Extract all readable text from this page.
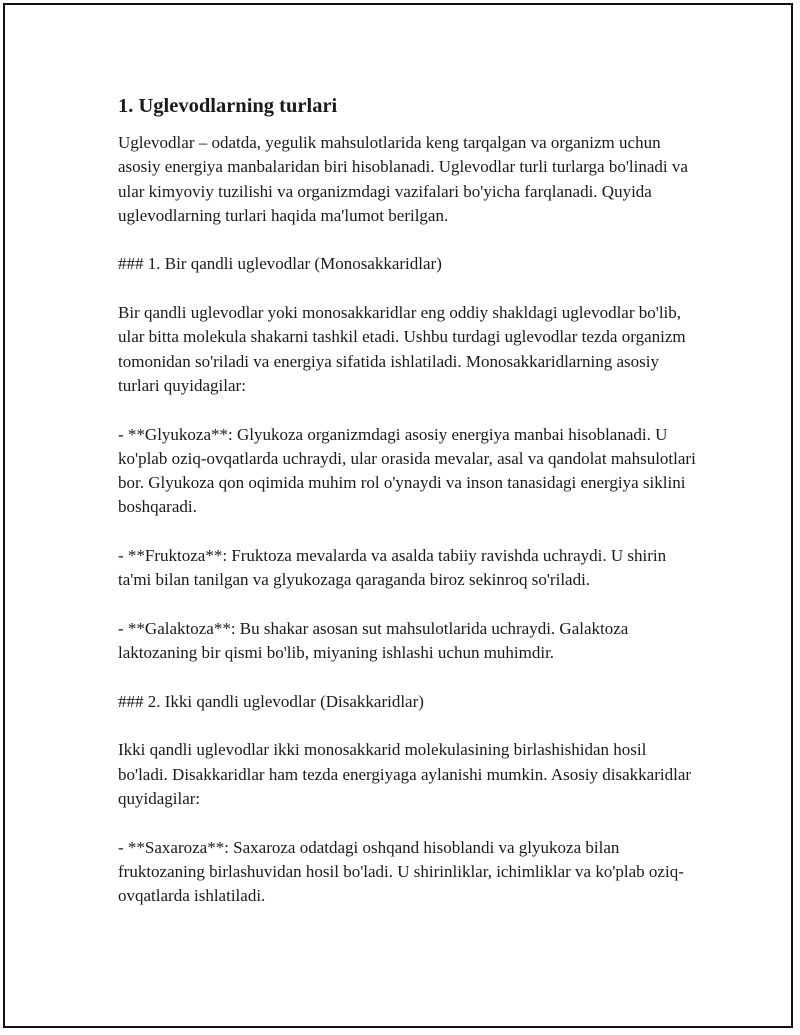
1. Uglevodlarning turlari

Uglevodlar – odatda, yegulik mahsulotlarida keng tarqalgan va organizm uchun asosiy energiya manbalaridan biri hisoblanadi. Uglevodlar turli turlarga bo'linadi va ular kimyoviy tuzilishi va organizmdagi vazifalari bo'yicha farqlanadi. Quyida uglevodlarning turlari haqida ma'lumot berilgan.

### 1. Bir qandli uglevodlar (Monosakkaridlar)

Bir qandli uglevodlar yoki monosakkaridlar eng oddiy shakldagi uglevodlar bo'lib, ular bitta molekula shakarni tashkil etadi. Ushbu turdagi uglevodlar tezda organizm tomonidan so'riladi va energiya sifatida ishlatiladi. Monosakkaridlarning asosiy turlari quyidagilar:

- **Glyukoza**: Glyukoza organizmdagi asosiy energiya manbai hisoblanadi. U ko'plab oziq-ovqatlarda uchraydi, ular orasida mevalar, asal va qandolat mahsulotlari bor. Glyukoza qon oqimida muhim rol o'ynaydi va inson tanasidagi energiya siklini boshqaradi.

- **Fruktoza**: Fruktoza mevalarda va asalda tabiiy ravishda uchraydi. U shirin ta'mi bilan tanilgan va glyukozaga qaraganda biroz sekinroq so'riladi.

- **Galaktoza**: Bu shakar asosan sut mahsulotlarida uchraydi. Galaktoza laktozaning bir qismi bo'lib, miyaning ishlashi uchun muhimdir.

### 2. Ikki qandli uglevodlar (Disakkaridlar)

Ikki qandli uglevodlar ikki monosakkarid molekulasining birlashishidan hosil bo'ladi. Disakkaridlar ham tezda energiyaga aylanishi mumkin. Asosiy disakkaridlar quyidagilar:

- **Saxaroza**: Saxaroza odatdagi oshqand hisoblandi va glyukoza bilan fruktozaning birlashuvidan hosil bo'ladi. U shirinliklar, ichimliklar va ko'plab oziq-ovqatlarda ishlatiladi.
